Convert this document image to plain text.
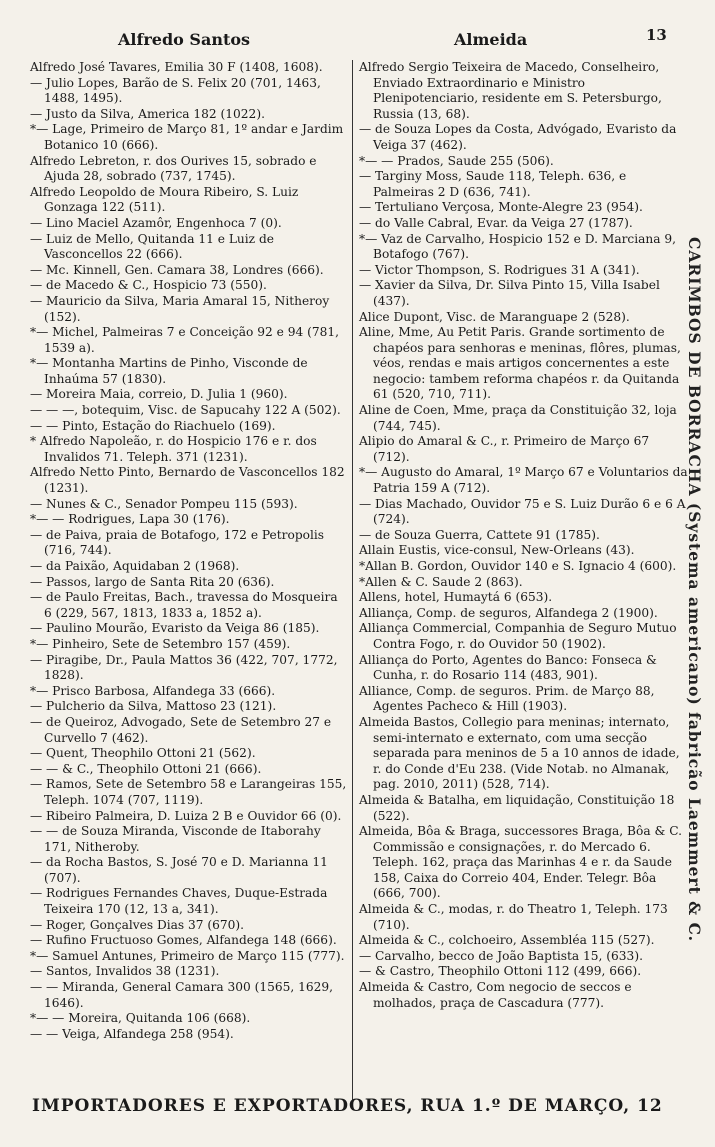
Alfredo Santos	Almeida	13

Alfredo José Tavares, Emilia 30 F (1408, 1608).

— Julio Lopes, Barão de S. Felix 20 (701, 1463, 1488, 1495).

— Justo da Silva, America 182 (1022).

*— Lage, Primeiro de Março 81, 1º andar e Jardim Botanico 10 (666).

Alfredo Lebreton, r. dos Ourives 15, sobrado e Ajuda 28, sobrado (737, 1745).

Alfredo Leopoldo de Moura Ribeiro, S. Luiz Gonzaga 122 (511).

— Lino Maciel Azamôr, Engenhoca 7 (0).

— Luiz de Mello, Quitanda 11 e Luiz de Vasconcellos 22 (666).

— Mc. Kinnell, Gen. Camara 38, Londres (666).

— de Macedo & C., Hospicio 73 (550).

— Mauricio da Silva, Maria Amaral 15, Nitheroy (152).

*— Michel, Palmeiras 7 e Conceição 92 e 94 (781, 1539 a).

*— Montanha Martins de Pinho, Visconde de Inhaúma 57 (1830).

— Moreira Maia, correio, D. Julia 1 (960).

— — —, botequim, Visc. de Sapucahy 122 A (502).

— — Pinto, Estação do Riachuelo (169).

* Alfredo Napoleão, r. do Hospicio 176 e r. dos Invalidos 71. Teleph. 371 (1231).

Alfredo Netto Pinto, Bernardo de Vasconcellos 182 (1231).

— Nunes & C., Senador Pompeu 115 (593).

*— — Rodrigues, Lapa 30 (176).

— de Paiva, praia de Botafogo, 172 e Petropolis (716, 744).

— da Paixão, Aquidaban 2 (1968).

— Passos, largo de Santa Rita 20 (636).

— de Paulo Freitas, Bach., travessa do Mosqueira 6 (229, 567, 1813, 1833 a, 1852 a).

— Paulino Mourão, Evaristo da Veiga 86 (185).

*— Pinheiro, Sete de Setembro 157 (459).

— Piragibe, Dr., Paula Mattos 36 (422, 707, 1772, 1828).

*— Prisco Barbosa, Alfandega 33 (666).

— Pulcherio da Silva, Mattoso 23 (121).

— de Queiroz, Advogado, Sete de Setembro 27 e Curvello 7 (462).

— Quent, Theophilo Ottoni 21 (562).

— — & C., Theophilo Ottoni 21 (666).

— Ramos, Sete de Setembro 58 e Larangeiras 155, Teleph. 1074 (707, 1119).

— Ribeiro Palmeira, D. Luiza 2 B e Ouvidor 66 (0).

— — de Souza Miranda, Visconde de Itaborahy 171, Nitheroby.

— da Rocha Bastos, S. José 70 e D. Marianna 11 (707).

— Rodrigues Fernandes Chaves, Duque-Estrada Teixeira 170 (12, 13 a, 341).

— Roger, Gonçalves Dias 37 (670).

— Rufino Fructuoso Gomes, Alfandega 148 (666).

*— Samuel Antunes, Primeiro de Março 115 (777).

— Santos, Invalidos 38 (1231).

— — Miranda, General Camara 300 (1565, 1629, 1646).

*— — Moreira, Quitanda 106 (668).

— — Veiga, Alfandega 258 (954).

Alfredo Sergio Teixeira de Macedo, Conselheiro, Enviado Extraordinario e Ministro Plenipotenciario, residente em S. Petersburgo, Russia (13, 68).

— de Souza Lopes da Costa, Advógado, Evaristo da Veiga 37 (462).

*— — Prados, Saude 255 (506).

— Targiny Moss, Saude 118, Teleph. 636, e Palmeiras 2 D (636, 741).

— Tertuliano Verçosa, Monte-Alegre 23 (954).

— do Valle Cabral, Evar. da Veiga 27 (1787).

*— Vaz de Carvalho, Hospicio 152 e D. Marciana 9, Botafogo (767).

— Victor Thompson, S. Rodrigues 31 A (341).

— Xavier da Silva, Dr. Silva Pinto 15, Villa Isabel (437).

Alice Dupont, Visc. de Maranguape 2 (528).

Aline, Mme, Au Petit Paris. Grande sortimento de chapéos para senhoras e meninas, flôres, plumas, véos, rendas e mais artigos concernentes a este negocio: tambem reforma chapéos r. da Quitanda 61 (520, 710, 711).

Aline de Coen, Mme, praça da Constituição 32, loja (744, 745).

Alipio do Amaral & C., r. Primeiro de Março 67 (712).

*— Augusto do Amaral, 1º Março 67 e Voluntarios da Patria 159 A (712).

— Dias Machado, Ouvidor 75 e S. Luiz Durão 6 e 6 A (724).

— de Souza Guerra, Cattete 91 (1785).

Allain Eustis, vice-consul, New-Orleans (43).

*Allan B. Gordon, Ouvidor 140 e S. Ignacio 4 (600).

*Allen & C. Saude 2 (863).

Allens, hotel, Humaytá 6 (653).

Alliança, Comp. de seguros, Alfandega 2 (1900).

Alliança Commercial, Companhia de Seguro Mutuo Contra Fogo, r. do Ouvidor 50 (1902).

Alliança do Porto, Agentes do Banco: Fonseca & Cunha, r. do Rosario 114 (483, 901).

Alliance, Comp. de seguros. Prim. de Março 88, Agentes Pacheco & Hill (1903).

Almeida Bastos, Collegio para meninas; internato, semi-internato e externato, com uma secção separada para meninos de 5 a 10 annos de idade, r. do Conde d'Eu 238. (Vide Notab. no Almanak, pag. 2010, 2011) (528, 714).

Almeida & Batalha, em liquidação, Constituição 18 (522).

Almeida, Bôa & Braga, successores Braga, Bôa & C. Commissão e consignações, r. do Mercado 6. Teleph. 162, praça das Marinhas 4 e r. da Saude 158, Caixa do Correio 404, Ender. Telegr. Bôa (666, 700).

Almeida & C., modas, r. do Theatro 1, Teleph. 173 (710).

Almeida & C., colchoeiro, Assembléa 115 (527).

— Carvalho, becco de João Baptista 15, (633).

— & Castro, Theophilo Ottoni 112 (499, 666).

Almeida & Castro, Com negocio de seccos e molhados, praça de Cascadura (777).

CARIMBOS DE BORRACHA (Systema americano) fabricão Laemmert & C.
IMPORTADORES E EXPORTADORES, RUA 1.º DE MARÇO, 12
